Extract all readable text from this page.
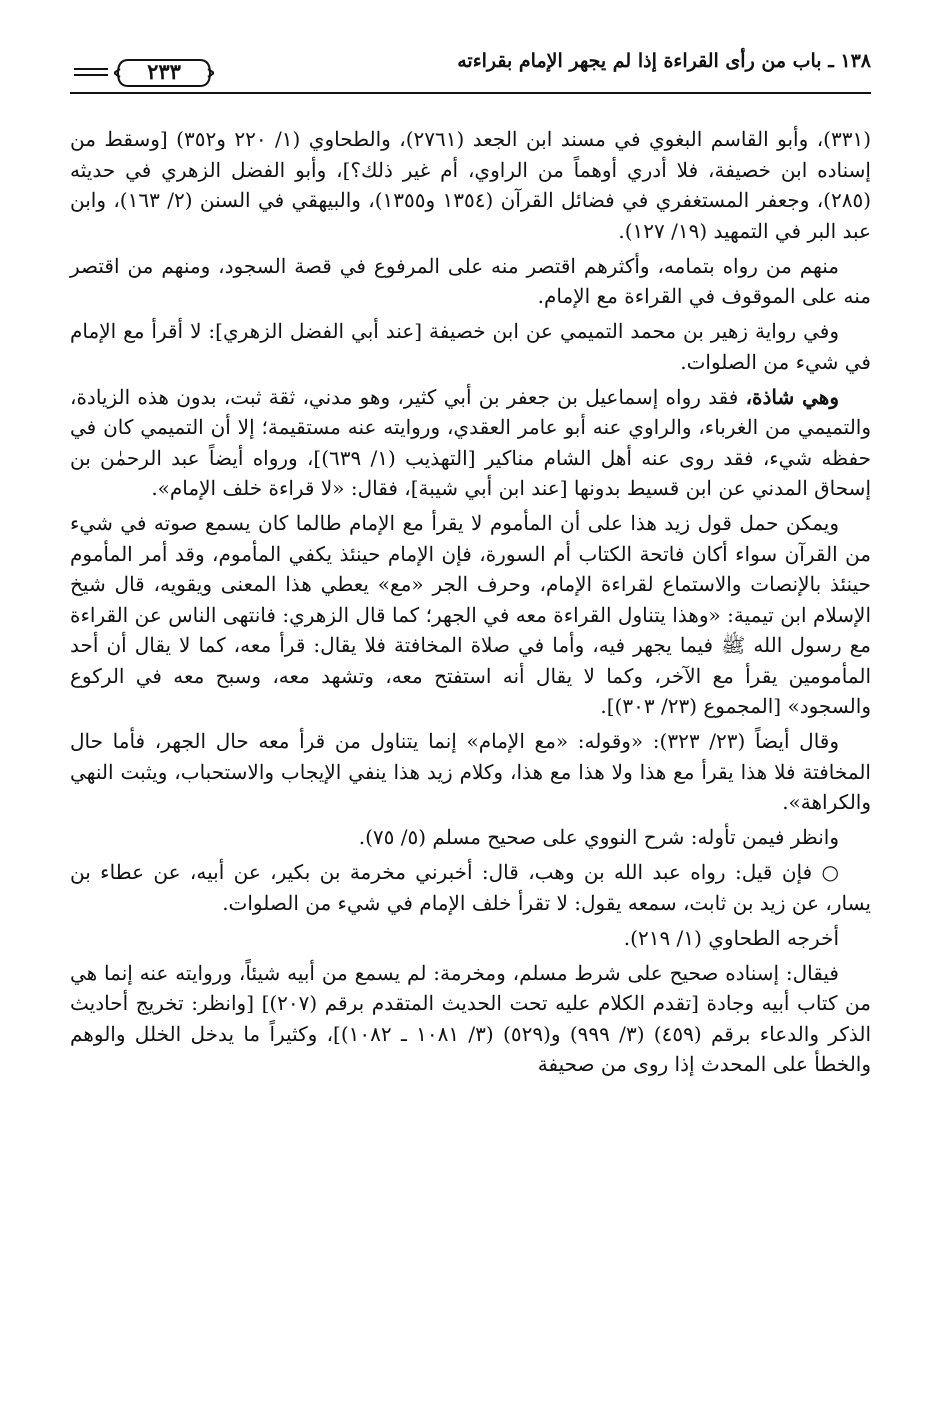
١٣٨ ـ باب من رأى القراءة إذا لم يجهر الإمام بقراءته
٢٣٣

(٣٣١)، وأبو القاسم البغوي في مسند ابن الجعد (٢٧٦١)، والطحاوي (١/ ٢٢٠ و٣٥٢) [وسقط من إسناده ابن خصيفة، فلا أدري أوهماً من الراوي، أم غير ذلك؟]، وأبو الفضل الزهري في حديثه (٢٨٥)، وجعفر المستغفري في فضائل القرآن (١٣٥٤ و١٣٥٥)، والبيهقي في السنن (٢/ ١٦٣)، وابن عبد البر في التمهيد (١٩/ ١٢٧).

منهم من رواه بتمامه، وأكثرهم اقتصر منه على المرفوع في قصة السجود، ومنهم من اقتصر منه على الموقوف في القراءة مع الإمام.

وفي رواية زهير بن محمد التميمي عن ابن خصيفة [عند أبي الفضل الزهري]: لا أقرأ مع الإمام في شيء من الصلوات.

وهي شاذة، فقد رواه إسماعيل بن جعفر بن أبي كثير، وهو مدني، ثقة ثبت، بدون هذه الزيادة، والتميمي من الغرباء، والراوي عنه أبو عامر العقدي، وروايته عنه مستقيمة؛ إلا أن التميمي كان في حفظه شيء، فقد روى عنه أهل الشام مناكير [التهذيب (١/ ٦٣٩)]، ورواه أيضاً عبد الرحمٰن بن إسحاق المدني عن ابن قسيط بدونها [عند ابن أبي شيبة]، فقال: «لا قراءة خلف الإمام».

ويمكن حمل قول زيد هذا على أن المأموم لا يقرأ مع الإمام طالما كان يسمع صوته في شيء من القرآن سواء أكان فاتحة الكتاب أم السورة، فإن الإمام حينئذ يكفي المأموم، وقد أمر المأموم حينئذ بالإنصات والاستماع لقراءة الإمام، وحرف الجر «مع» يعطي هذا المعنى ويقويه، قال شيخ الإسلام ابن تيمية: «وهذا يتناول القراءة معه في الجهر؛ كما قال الزهري: فانتهى الناس عن القراءة مع رسول الله ﷺ فيما يجهر فيه، وأما في صلاة المخافتة فلا يقال: قرأ معه، كما لا يقال أن أحد المأمومين يقرأ مع الآخر، وكما لا يقال أنه استفتح معه، وتشهد معه، وسبح معه في الركوع والسجود» [المجموع (٢٣/ ٣٠٣)].

وقال أيضاً (٢٣/ ٣٢٣): «وقوله: «مع الإمام» إنما يتناول من قرأ معه حال الجهر، فأما حال المخافتة فلا هذا يقرأ مع هذا ولا هذا مع هذا، وكلام زيد هذا ينفي الإيجاب والاستحباب، ويثبت النهي والكراهة».

وانظر فيمن تأوله: شرح النووي على صحيح مسلم (٥/ ٧٥).

○ فإن قيل: رواه عبد الله بن وهب، قال: أخبرني مخرمة بن بكير، عن أبيه، عن عطاء بن يسار، عن زيد بن ثابت، سمعه يقول: لا تقرأ خلف الإمام في شيء من الصلوات.

أخرجه الطحاوي (١/ ٢١٩).

فيقال: إسناده صحيح على شرط مسلم، ومخرمة: لم يسمع من أبيه شيئاً، وروايته عنه إنما هي من كتاب أبيه وجادة [تقدم الكلام عليه تحت الحديث المتقدم برقم (٢٠٧)] [وانظر: تخريج أحاديث الذكر والدعاء برقم (٤٥٩) (٣/ ٩٩٩) و(٥٢٩) (٣/ ١٠٨١ ـ ١٠٨٢)]، وكثيراً ما يدخل الخلل والوهم والخطأ على المحدث إذا روى من صحيفة
